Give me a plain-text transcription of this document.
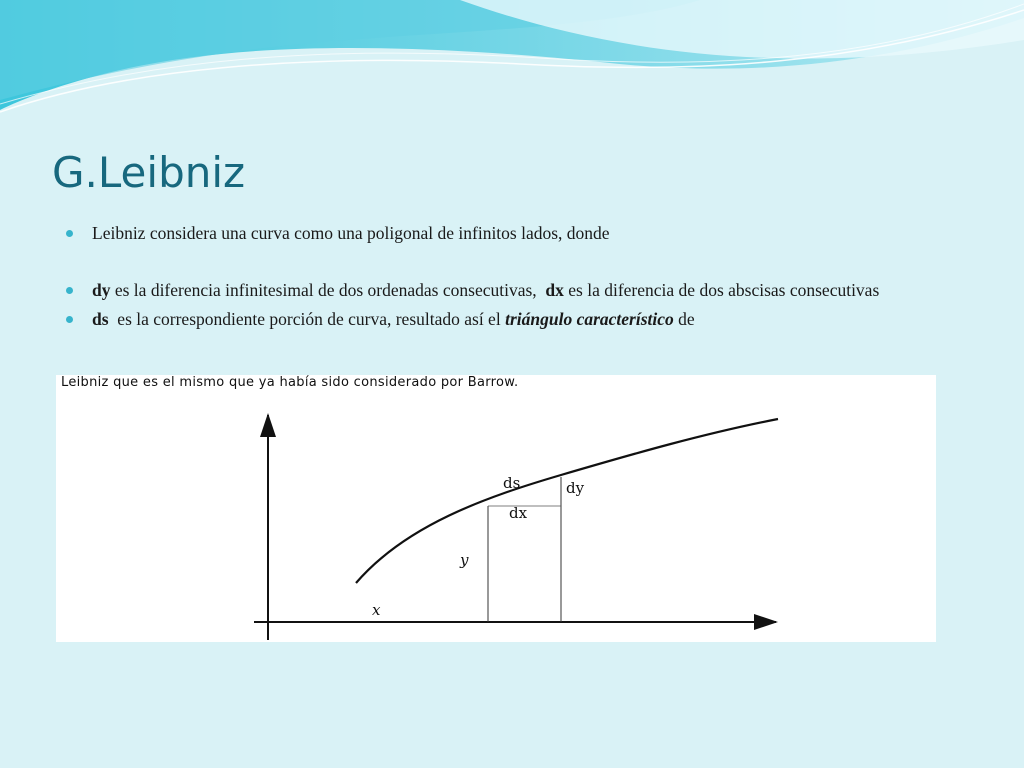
G.Leibniz
Leibniz considera una curva como una poligonal de infinitos lados, donde
dy es la diferencia infinitesimal de dos ordenadas consecutivas,  dx es la diferencia de dos abscisas consecutivas
ds  es la correspondiente porción de curva, resultado así el triángulo característico de
Leibniz que es el mismo que ya había sido considerado por Barrow.
ds	dy
dx
y
x
